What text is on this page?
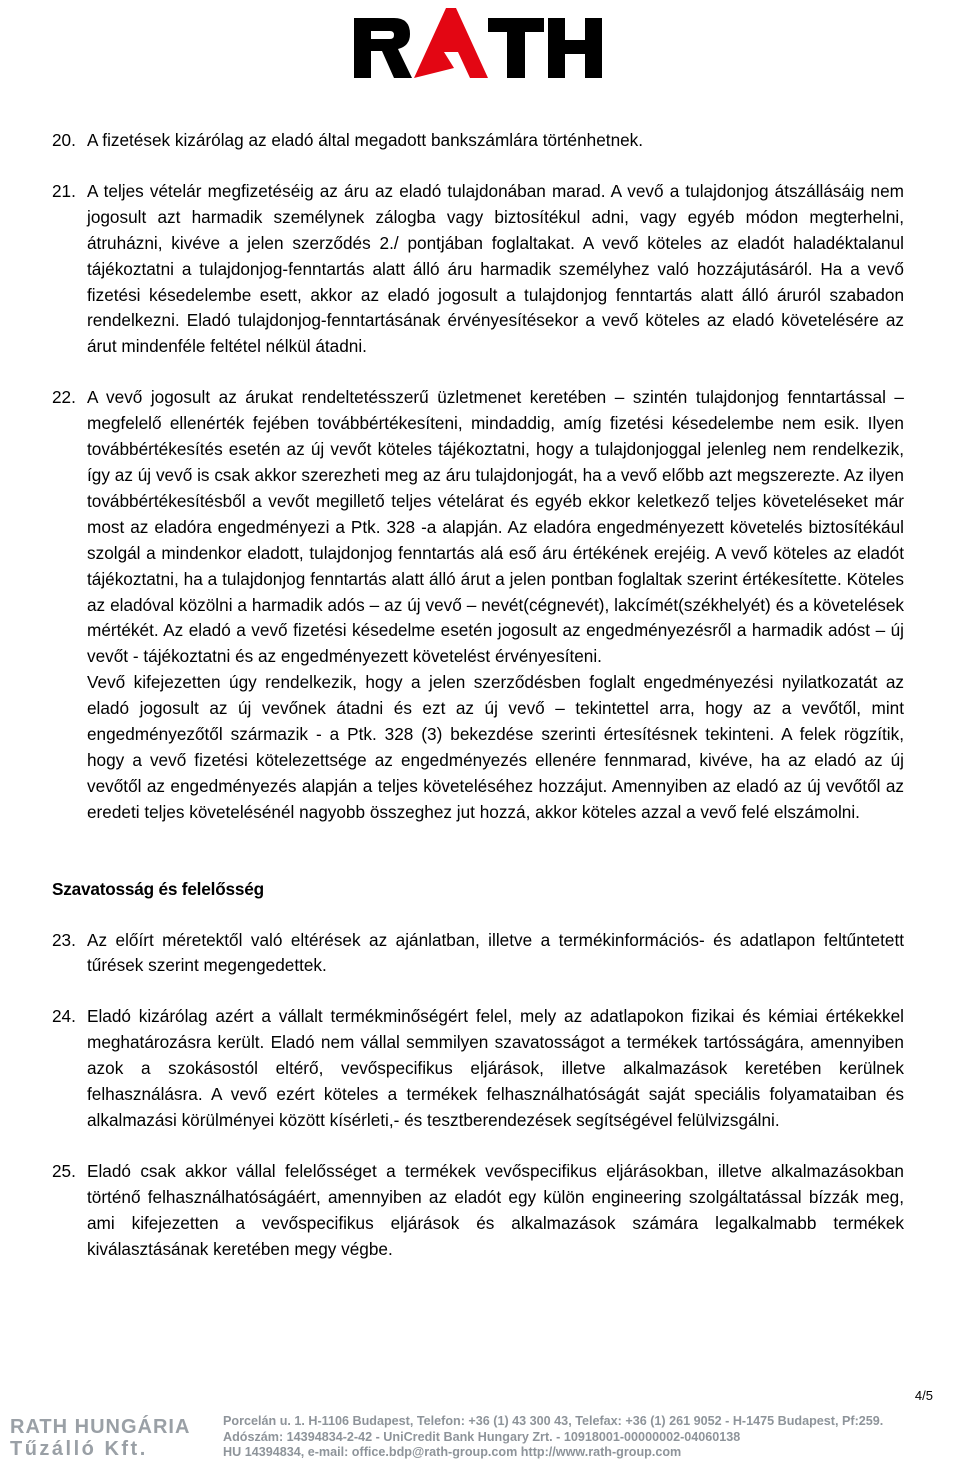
20. A fizetések kizárólag az eladó által megadott bankszámlára történhetnek.
21. A teljes vételár megfizetéséig az áru az eladó tulajdonában marad. A vevő a tulajdonjog átszállásáig nem jogosult azt harmadik személynek zálogba vagy biztosítékul adni, vagy egyéb módon megterhelni, átruházni, kivéve a jelen szerződés 2./ pontjában foglaltakat. A vevő köteles az eladót haladéktalanul tájékoztatni a tulajdonjog-fenntartás alatt álló áru harmadik személyhez való hozzájutásáról. Ha a vevő fizetési késedelembe esett, akkor az eladó jogosult a tulajdonjog fenntartás alatt álló áruról szabadon rendelkezni. Eladó tulajdonjog-fenntartásának érvényesítésekor a vevő köteles az eladó követelésére az árut mindenféle feltétel nélkül átadni.
22. A vevő jogosult az árukat rendeltetésszerű üzletmenet keretében – szintén tulajdonjog fenntartással – megfelelő ellenérték fejében továbbértékesíteni, mindaddig, amíg fizetési késedelembe nem esik. Ilyen továbbértékesítés esetén az új vevőt köteles tájékoztatni, hogy a tulajdonjoggal jelenleg nem rendelkezik, így az új vevő is csak akkor szerezheti meg az áru tulajdonjogát, ha a vevő előbb azt megszerezte. Az ilyen továbbértékesítésből a vevőt megillető teljes vételárat és egyéb ekkor keletkező teljes követeléseket már most az eladóra engedményezi a Ptk. 328 -a alapján. Az eladóra engedményezett követelés biztosítékául szolgál a mindenkor eladott, tulajdonjog fenntartás alá eső áru értékének erejéig. A vevő köteles az eladót tájékoztatni, ha a tulajdonjog fenntartás alatt álló árut a jelen pontban foglaltak szerint értékesítette. Köteles az eladóval közölni a harmadik adós – az új vevő – nevét(cégnevét), lakcímét(székhelyét) és a követelések mértékét. Az eladó a vevő fizetési késedelme esetén jogosult az engedményezésről a harmadik adóst – új vevőt - tájékoztatni és az engedményezett követelést érvényesíteni.

Vevő kifejezetten úgy rendelkezik, hogy a jelen szerződésben foglalt engedményezési nyilatkozatát az eladó jogosult az új vevőnek átadni és ezt az új vevő – tekintettel arra, hogy az a vevőtől, mint engedményezőtől származik - a Ptk. 328 (3) bekezdése szerinti értesítésnek tekinteni. A felek rögzítik, hogy a vevő fizetési kötelezettsége az engedményezés ellenére fennmarad, kivéve, ha az eladó az új vevőtől az engedményezés alapján a teljes követeléséhez hozzájut. Amennyiben az eladó az új vevőtől az eredeti teljes követelésénél nagyobb összeghez jut hozzá, akkor köteles azzal a vevő felé elszámolni.

Szavatosság és felelősség

23. Az előírt méretektől való eltérések az ajánlatban, illetve a termékinformációs- és adatlapon feltűntetett tűrések szerint megengedettek.
24. Eladó kizárólag azért a vállalt termékminőségért felel, mely az adatlapokon fizikai és kémiai értékekkel meghatározásra került. Eladó nem vállal semmilyen szavatosságot a termékek tartósságára, amennyiben azok a szokásostól eltérő, vevőspecifikus eljárások, illetve alkalmazások keretében kerülnek felhasználásra. A vevő ezért köteles a termékek felhasználhatóságát saját speciális folyamataiban és alkalmazási körülményei között kísérleti,- és tesztberendezések segítségével felülvizsgálni.
25. Eladó csak akkor vállal felelősséget a termékek vevőspecifikus eljárásokban, illetve alkalmazásokban történő felhasználhatóságáért, amennyiben az eladót egy külön engineering szolgáltatással bízzák meg, ami kifejezetten a vevőspecifikus eljárások és alkalmazások számára legalkalmabb termékek kiválasztásának keretében megy végbe.
4/5
RATH HUNGÁRIA
Tűzálló Kft.
Porcelán u. 1. H-1106 Budapest, Telefon: +36 (1) 43 300 43, Telefax: +36 (1) 261 9052 - H-1475 Budapest, Pf:259.
Adószám: 14394834-2-42 - UniCredit Bank Hungary Zrt. - 10918001-00000002-04060138
HU 14394834, e-mail: office.bdp@rath-group.com http://www.rath-group.com
